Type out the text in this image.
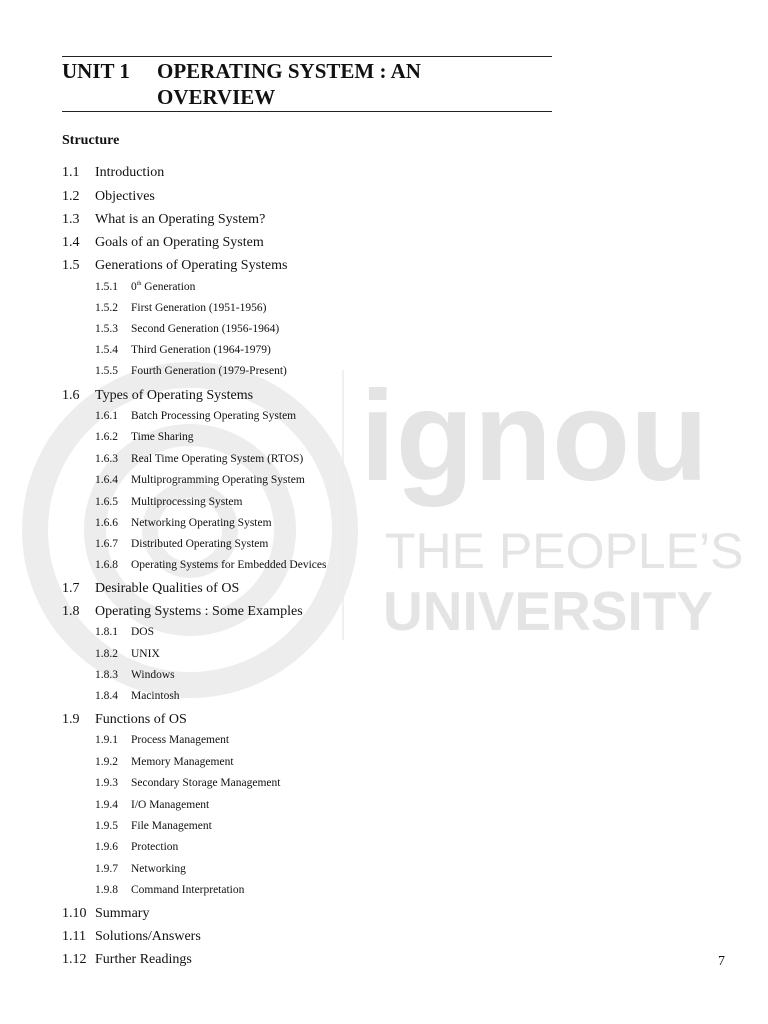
ignou
THE PEOPLE’S
UNIVERSITY
UNIT 1 OPERATING SYSTEM : AN
OVERVIEW
Structure
1.1 Introduction
1.2 Objectives
1.3 What is an Operating System?
1.4 Goals of an Operating System
1.5 Generations of Operating Systems
1.5.1 0th Generation
1.5.2 First Generation (1951-1956)
1.5.3 Second Generation (1956-1964)
1.5.4 Third Generation (1964-1979)
1.5.5 Fourth Generation (1979-Present)
1.6 Types of Operating Systems
1.6.1 Batch Processing Operating System
1.6.2 Time Sharing
1.6.3 Real Time Operating System (RTOS)
1.6.4 Multiprogramming Operating System
1.6.5 Multiprocessing System
1.6.6 Networking Operating System
1.6.7 Distributed Operating System
1.6.8 Operating Systems for Embedded Devices
1.7 Desirable Qualities of OS
1.8 Operating Systems : Some Examples
1.8.1 DOS
1.8.2 UNIX
1.8.3 Windows
1.8.4 Macintosh
1.9 Functions of OS
1.9.1 Process Management
1.9.2 Memory Management
1.9.3 Secondary Storage Management
1.9.4 I/O Management
1.9.5 File Management
1.9.6 Protection
1.9.7 Networking
1.9.8 Command Interpretation
1.10 Summary
1.11 Solutions/Answers
1.12 Further Readings	7
